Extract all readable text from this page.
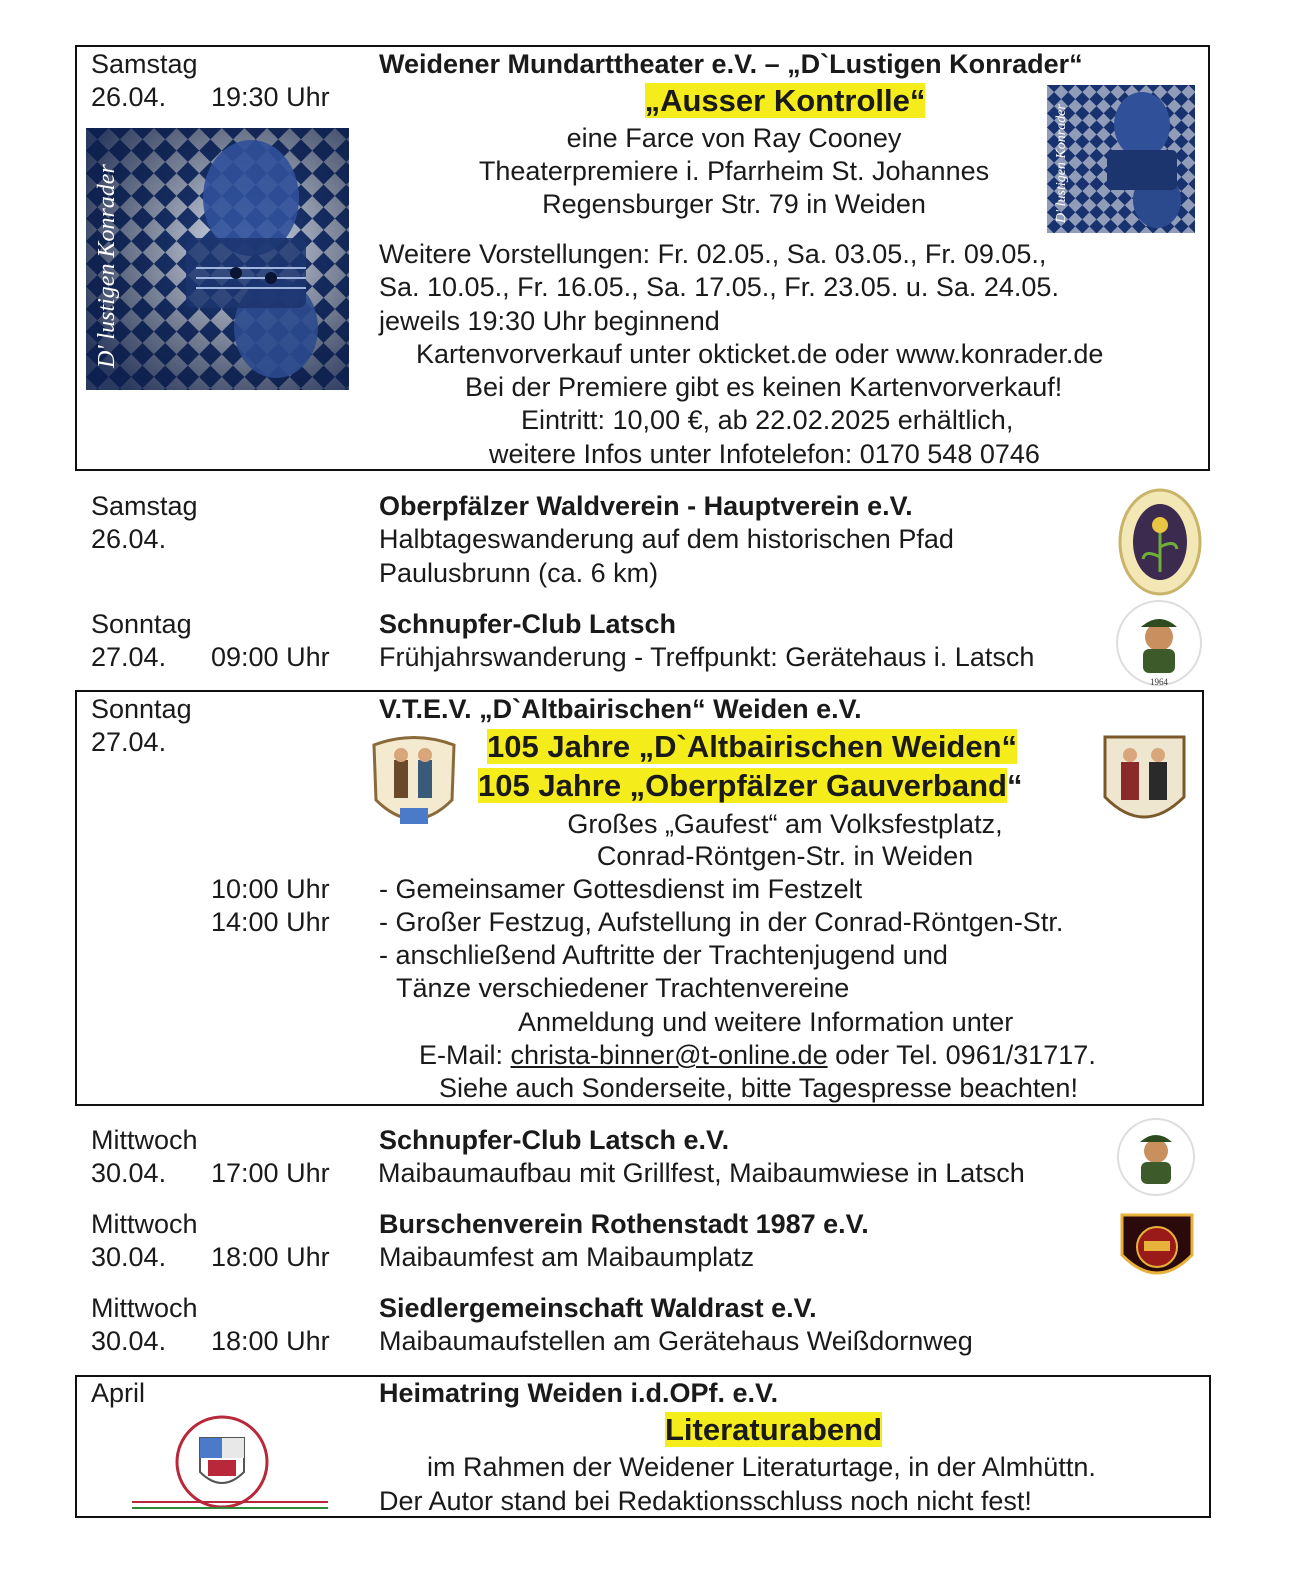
Samstag
26.04. 19:30 Uhr
D' lustigen Konrader
Weidener Mundarttheater e.V. – „D`Lustigen Konrader“
„Ausser Kontrolle“
D' lustigen Konrader
eine Farce von Ray Cooney
Theaterpremiere i. Pfarrheim St. Johannes
Regensburger Str. 79 in Weiden
Weitere Vorstellungen: Fr. 02.05., Sa. 03.05., Fr. 09.05.,
Sa. 10.05., Fr. 16.05., Sa. 17.05., Fr. 23.05. u. Sa. 24.05.
jeweils 19:30 Uhr beginnend
Kartenvorverkauf unter okticket.de oder www.konrader.de
Bei der Premiere gibt es keinen Kartenvorverkauf!
Eintritt: 10,00 €, ab 22.02.2025 erhältlich,
weitere Infos unter Infotelefon: 0170 548 0746
Samstag
26.04.
Oberpfälzer Waldverein - Hauptverein e.V.
Halbtageswanderung auf dem historischen Pfad
Paulusbrunn (ca. 6 km)
Sonntag
27.04. 09:00 Uhr
Schnupfer-Club Latsch
Frühjahrswanderung - Treffpunkt: Gerätehaus i. Latsch
1964
Sonntag
27.04.
V.T.E.V. „D`Altbairischen“ Weiden e.V.
105 Jahre „D`Altbairischen Weiden“
105 Jahre „Oberpfälzer Gauverband“
Großes „Gaufest“ am Volksfestplatz,
Conrad-Röntgen-Str. in Weiden
10:00 Uhr - Gemeinsamer Gottesdienst im Festzelt
14:00 Uhr - Großer Festzug, Aufstellung in der Conrad-Röntgen-Str.
- anschließend Auftritte der Trachtenjugend und
Tänze verschiedener Trachtenvereine
Anmeldung und weitere Information unter
E-Mail: christa-binner@t-online.de oder Tel. 0961/31717.
Siehe auch Sonderseite, bitte Tagespresse beachten!
Mittwoch
30.04. 17:00 Uhr
Schnupfer-Club Latsch e.V.
Maibaumaufbau mit Grillfest, Maibaumwiese in Latsch
Mittwoch
30.04. 18:00 Uhr
Burschenverein Rothenstadt 1987 e.V.
Maibaumfest am Maibaumplatz
Mittwoch
30.04. 18:00 Uhr
Siedlergemeinschaft Waldrast e.V.
Maibaumaufstellen am Gerätehaus Weißdornweg
April	Heimatring Weiden i.d.OPf. e.V.
Literaturabend
im Rahmen der Weidener Literaturtage, in der Almhüttn.
Der Autor stand bei Redaktionsschluss noch nicht fest!
